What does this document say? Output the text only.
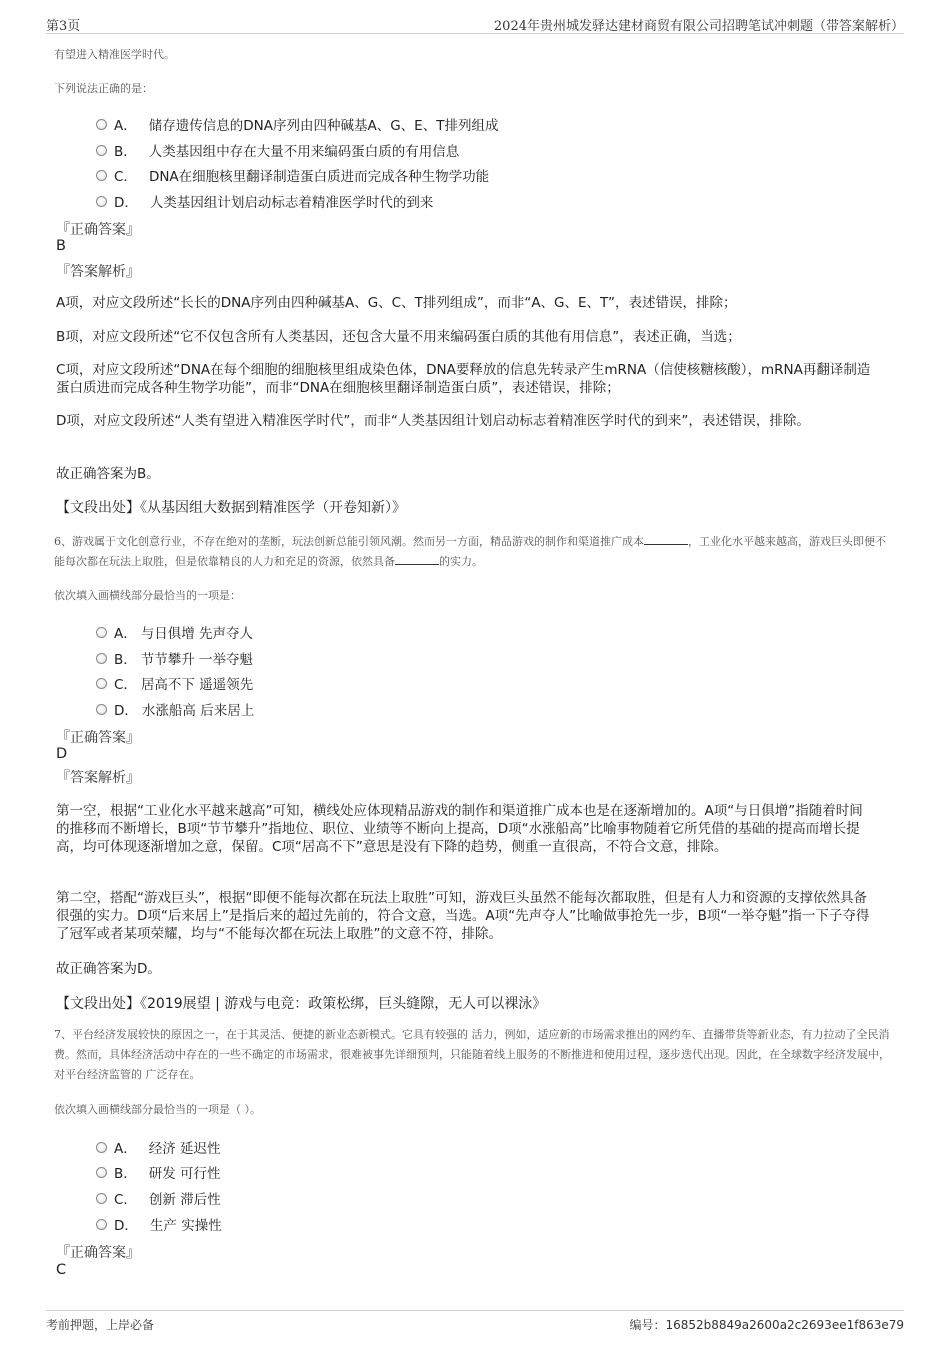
第3页	2024年贵州城发驿达建材商贸有限公司招聘笔试冲刺题（带答案解析）
有望进入精准医学时代。
下列说法正确的是：
A． 储存遗传信息的DNA序列由四种碱基A、G、E、T排列组成
B． 人类基因组中存在大量不用来编码蛋白质的有用信息
C． DNA在细胞核里翻译制造蛋白质进而完成各种生物学功能
D． 人类基因组计划启动标志着精准医学时代的到来
『正确答案』
B
『答案解析』
A项，对应文段所述“长长的DNA序列由四种碱基A、G、C、T排列组成”，而非“A、G、E、T”，表述错误，排除；
B项，对应文段所述“它不仅包含所有人类基因，还包含大量不用来编码蛋白质的其他有用信息”，表述正确，当选；
C项，对应文段所述“DNA在每个细胞的细胞核里组成染色体，DNA要释放的信息先转录产生mRNA（信使核糖核酸），mRNA再翻译制造蛋白质进而完成各种生物学功能”，而非“DNA在细胞核里翻译制造蛋白质”，表述错误，排除；
D项，对应文段所述“人类有望进入精准医学时代”，而非“人类基因组计划启动标志着精准医学时代的到来”，表述错误，排除。
故正确答案为B。
【文段出处】《从基因组大数据到精准医学（开卷知新）》
6、游戏属于文化创意行业，不存在绝对的垄断，玩法创新总能引领风潮。然而另一方面，精品游戏的制作和渠道推广成本	，工业化水平越来越高，游戏巨头即便不能每次都在玩法上取胜，但是依靠精良的人力和充足的资源，依然具备	的实力。
依次填入画横线部分最恰当的一项是：
A． 与日俱增 先声夺人
B． 节节攀升 一举夺魁
C． 居高不下 遥遥领先
D． 水涨船高 后来居上
『正确答案』
D
『答案解析』
第一空，根据“工业化水平越来越高”可知，横线处应体现精品游戏的制作和渠道推广成本也是在逐渐增加的。A项“与日俱增”指随着时间的推移而不断增长，B项“节节攀升”指地位、职位、业绩等不断向上提高，D项“水涨船高”比喻事物随着它所凭借的基础的提高而增长提高，均可体现逐渐增加之意，保留。C项“居高不下”意思是没有下降的趋势，侧重一直很高，不符合文意，排除。
第二空，搭配“游戏巨头”，根据“即便不能每次都在玩法上取胜”可知，游戏巨头虽然不能每次都取胜，但是有人力和资源的支撑依然具备很强的实力。D项“后来居上”是指后来的超过先前的，符合文意，当选。A项“先声夺人”比喻做事抢先一步，B项“一举夺魁”指一下子夺得了冠军或者某项荣耀，均与“不能每次都在玩法上取胜”的文意不符，排除。
故正确答案为D。
【文段出处】《2019展望 | 游戏与电竞：政策松绑，巨头缝隙，无人可以裸泳》
7、平台经济发展较快的原因之一，在于其灵活、便捷的新业态新模式。它具有较强的 活力，例如，适应新的市场需求推出的网约车、直播带货等新业态，有力拉动了全民消费。然而，具体经济活动中存在的一些不确定的市场需求，很难被事先详细预判，只能随着线上服务的不断推进和使用过程，逐步迭代出现。因此，在全球数字经济发展中，对平台经济监管的 广泛存在。
依次填入画横线部分最恰当的一项是（ ）。
A． 经济 延迟性
B． 研发 可行性
C． 创新 滞后性
D． 生产 实操性
『正确答案』
C
考前押题，上岸必备	编号：16852b8849a2600a2c2693ee1f863e79
